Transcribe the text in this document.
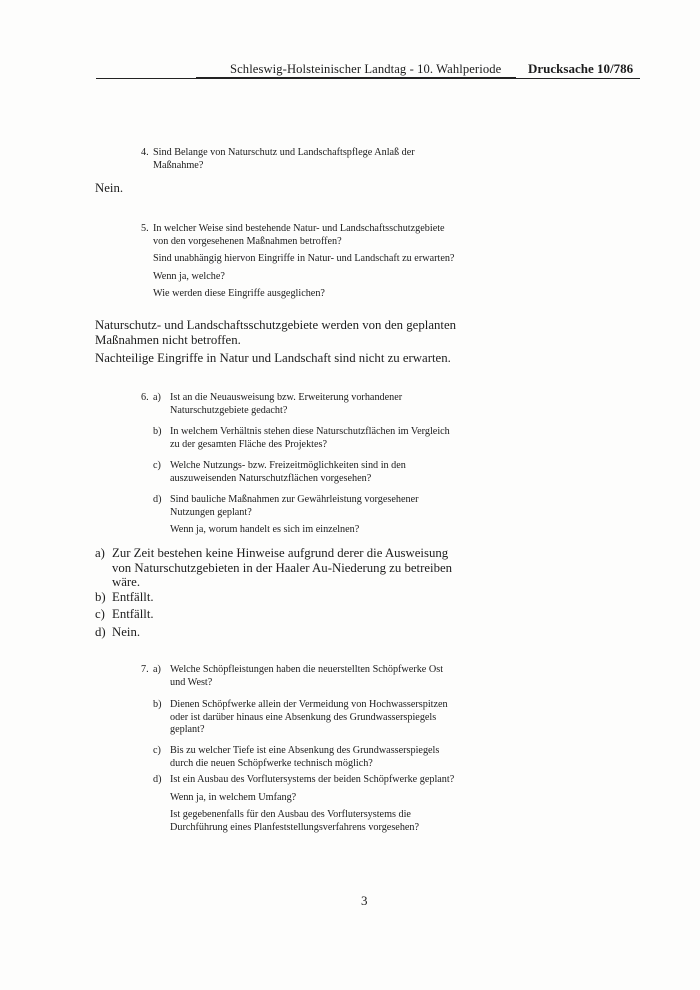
Schleswig-Holsteinischer Landtag - 10. Wahlperiode Drucksache 10/786
4. Sind Belange von Naturschutz und Landschaftspflege Anlaß der Maßnahme?

Nein.
5. In welcher Weise sind bestehende Natur- und Landschaftsschutzgebiete von den vorgesehenen Maßnahmen betroffen?

Sind unabhängig hiervon Eingriffe in Natur- und Landschaft zu erwarten?

Wenn ja, welche?

Wie werden diese Eingriffe ausgeglichen?

Naturschutz- und Landschaftsschutzgebiete werden von den geplanten Maßnahmen nicht betroffen.

Nachteilige Eingriffe in Natur und Landschaft sind nicht zu erwarten.

6. a) Ist an die Neuausweisung bzw. Erweiterung vorhandener Naturschutzgebiete gedacht?
b) In welchem Verhältnis stehen diese Naturschutzflächen im Vergleich zu der gesamten Fläche des Projektes?
c) Welche Nutzungs- bzw. Freizeitmöglichkeiten sind in den auszuweisenden Naturschutzflächen vorgesehen?
d) Sind bauliche Maßnahmen zur Gewährleistung vorgesehener Nutzungen geplant?
Wenn ja, worum handelt es sich im einzelnen?
a) Zur Zeit bestehen keine Hinweise aufgrund derer die Ausweisung von Naturschutzgebieten in der Haaler Au-Niederung zu betreiben wäre.
b) Entfällt.
c) Entfällt.
d) Nein.
7. a) Welche Schöpfleistungen haben die neuerstellten Schöpfwerke Ost und West?
b) Dienen Schöpfwerke allein der Vermeidung von Hochwasserspitzen oder ist darüber hinaus eine Absenkung des Grundwasserspiegels geplant?
c) Bis zu welcher Tiefe ist eine Absenkung des Grundwasserspiegels durch die neuen Schöpfwerke technisch möglich?
d) Ist ein Ausbau des Vorflutersystems der beiden Schöpfwerke geplant?
Wenn ja, in welchem Umfang?
Ist gegebenenfalls für den Ausbau des Vorflutersystems die Durchführung eines Planfeststellungsverfahrens vorgesehen?
3
